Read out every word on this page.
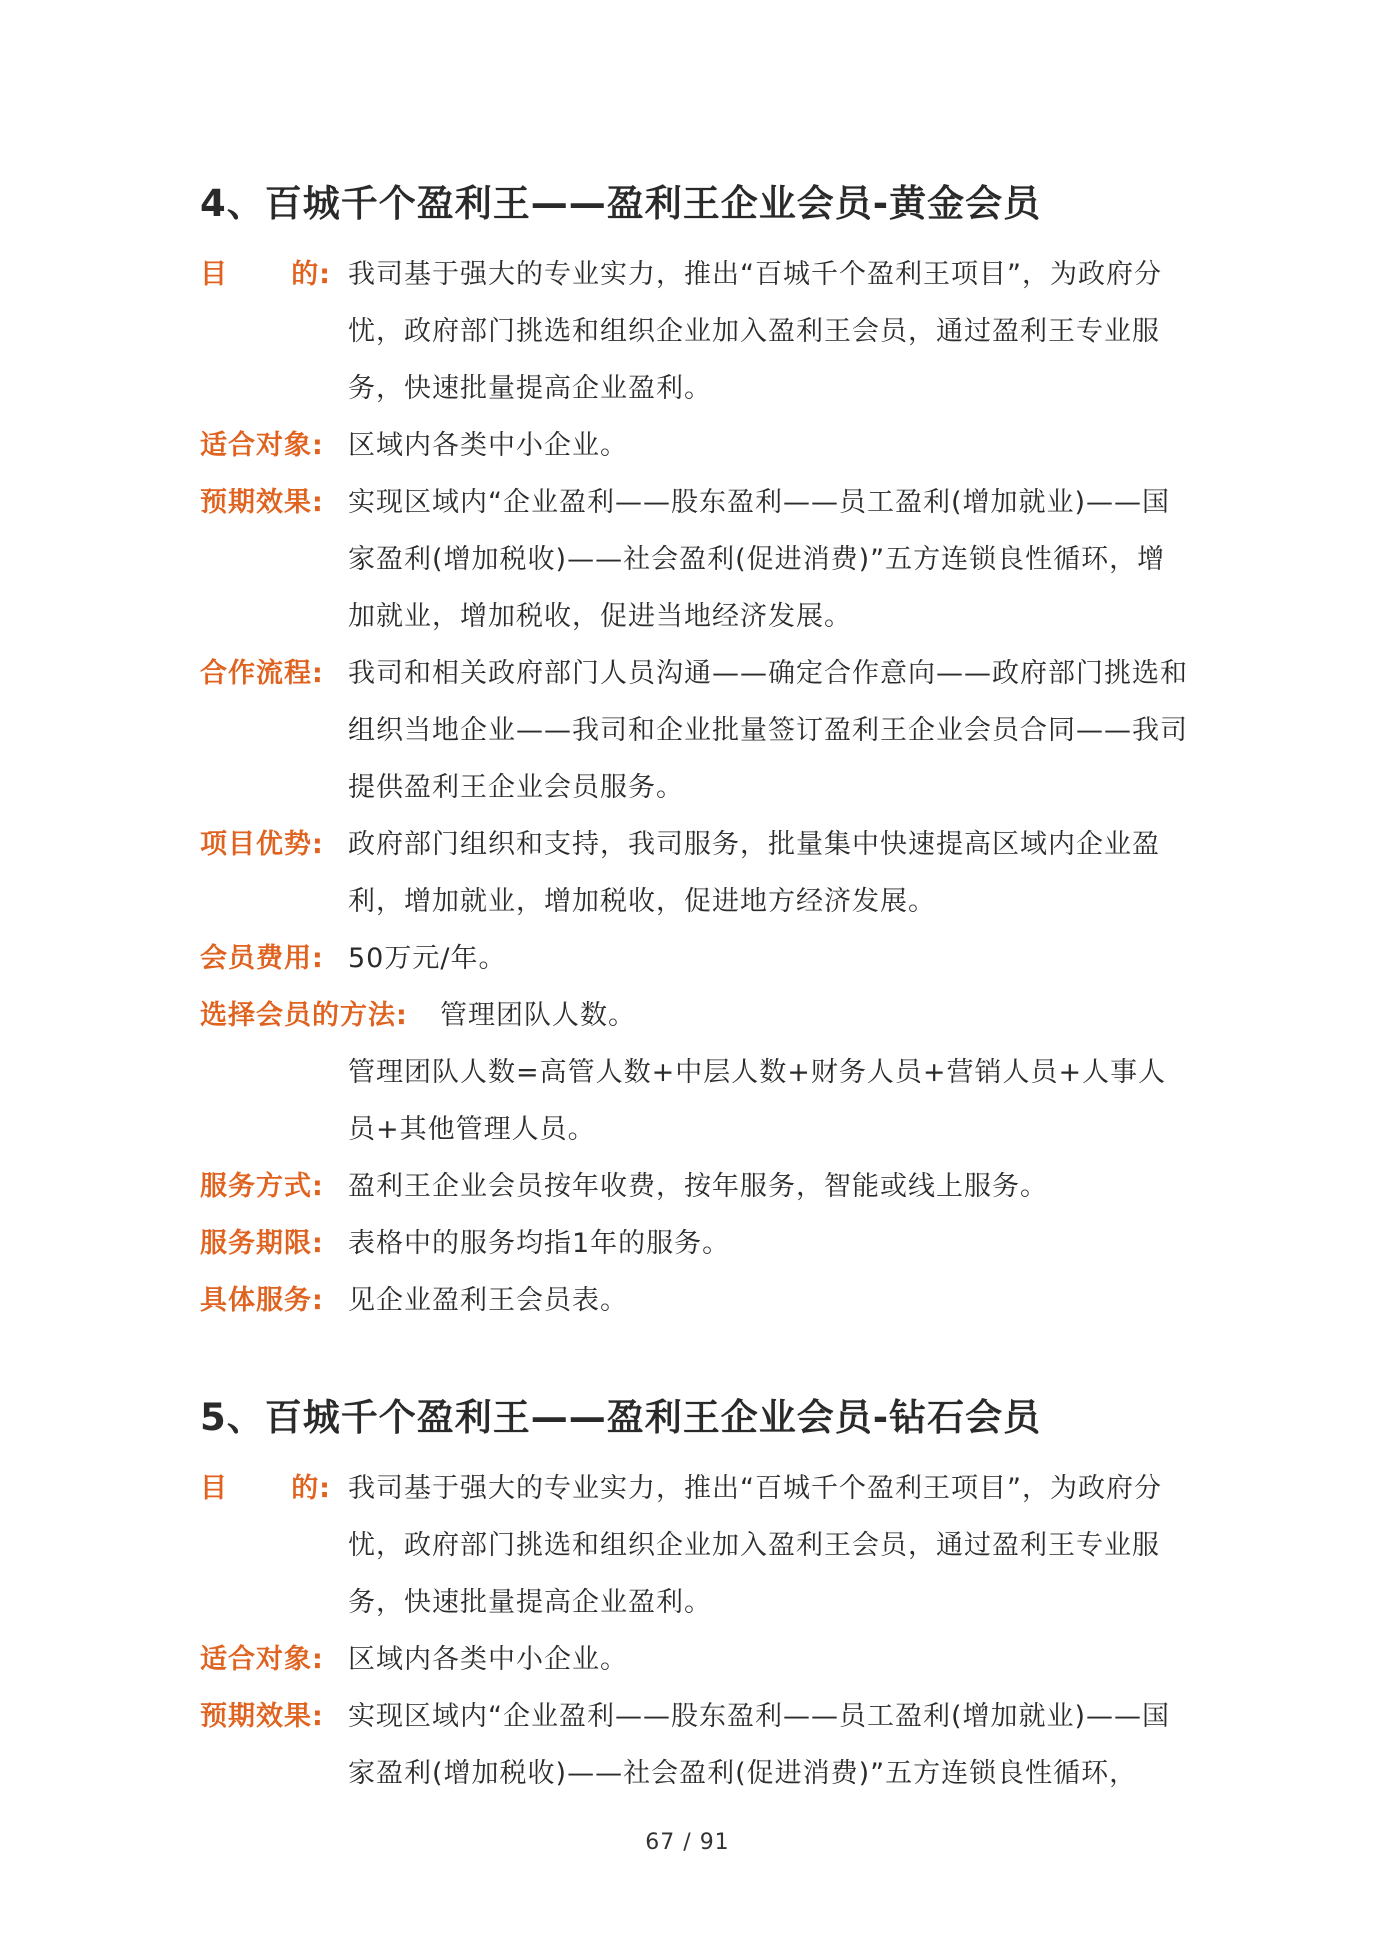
4、百城千个盈利王——盈利王企业会员-黄金会员
目 的: 我司基于强大的专业实力，推出“百城千个盈利王项目”，为政府分忧，政府部门挑选和组织企业加入盈利王会员，通过盈利王专业服务，快速批量提高企业盈利。
适合对象: 区域内各类中小企业。
预期效果: 实现区域内“企业盈利——股东盈利——员工盈利(增加就业)——国家盈利(增加税收)——社会盈利(促进消费)”五方连锁良性循环，增加就业，增加税收，促进当地经济发展。
合作流程: 我司和相关政府部门人员沟通——确定合作意向——政府部门挑选和组织当地企业——我司和企业批量签订盈利王企业会员合同——我司提供盈利王企业会员服务。
项目优势: 政府部门组织和支持，我司服务，批量集中快速提高区域内企业盈利，增加就业，增加税收，促进地方经济发展。
会员费用: 50万元/年。
选择会员的方法: 管理团队人数。
管理团队人数=高管人数+中层人数+财务人员+营销人员+人事人员+其他管理人员。
服务方式: 盈利王企业会员按年收费，按年服务，智能或线上服务。
服务期限: 表格中的服务均指1年的服务。
具体服务: 见企业盈利王会员表。
5、百城千个盈利王——盈利王企业会员-钻石会员
目 的: 我司基于强大的专业实力，推出“百城千个盈利王项目”，为政府分忧，政府部门挑选和组织企业加入盈利王会员，通过盈利王专业服务，快速批量提高企业盈利。
适合对象: 区域内各类中小企业。
预期效果: 实现区域内“企业盈利——股东盈利——员工盈利(增加就业)——国家盈利(增加税收)——社会盈利(促进消费)”五方连锁良性循环，
67 / 91
